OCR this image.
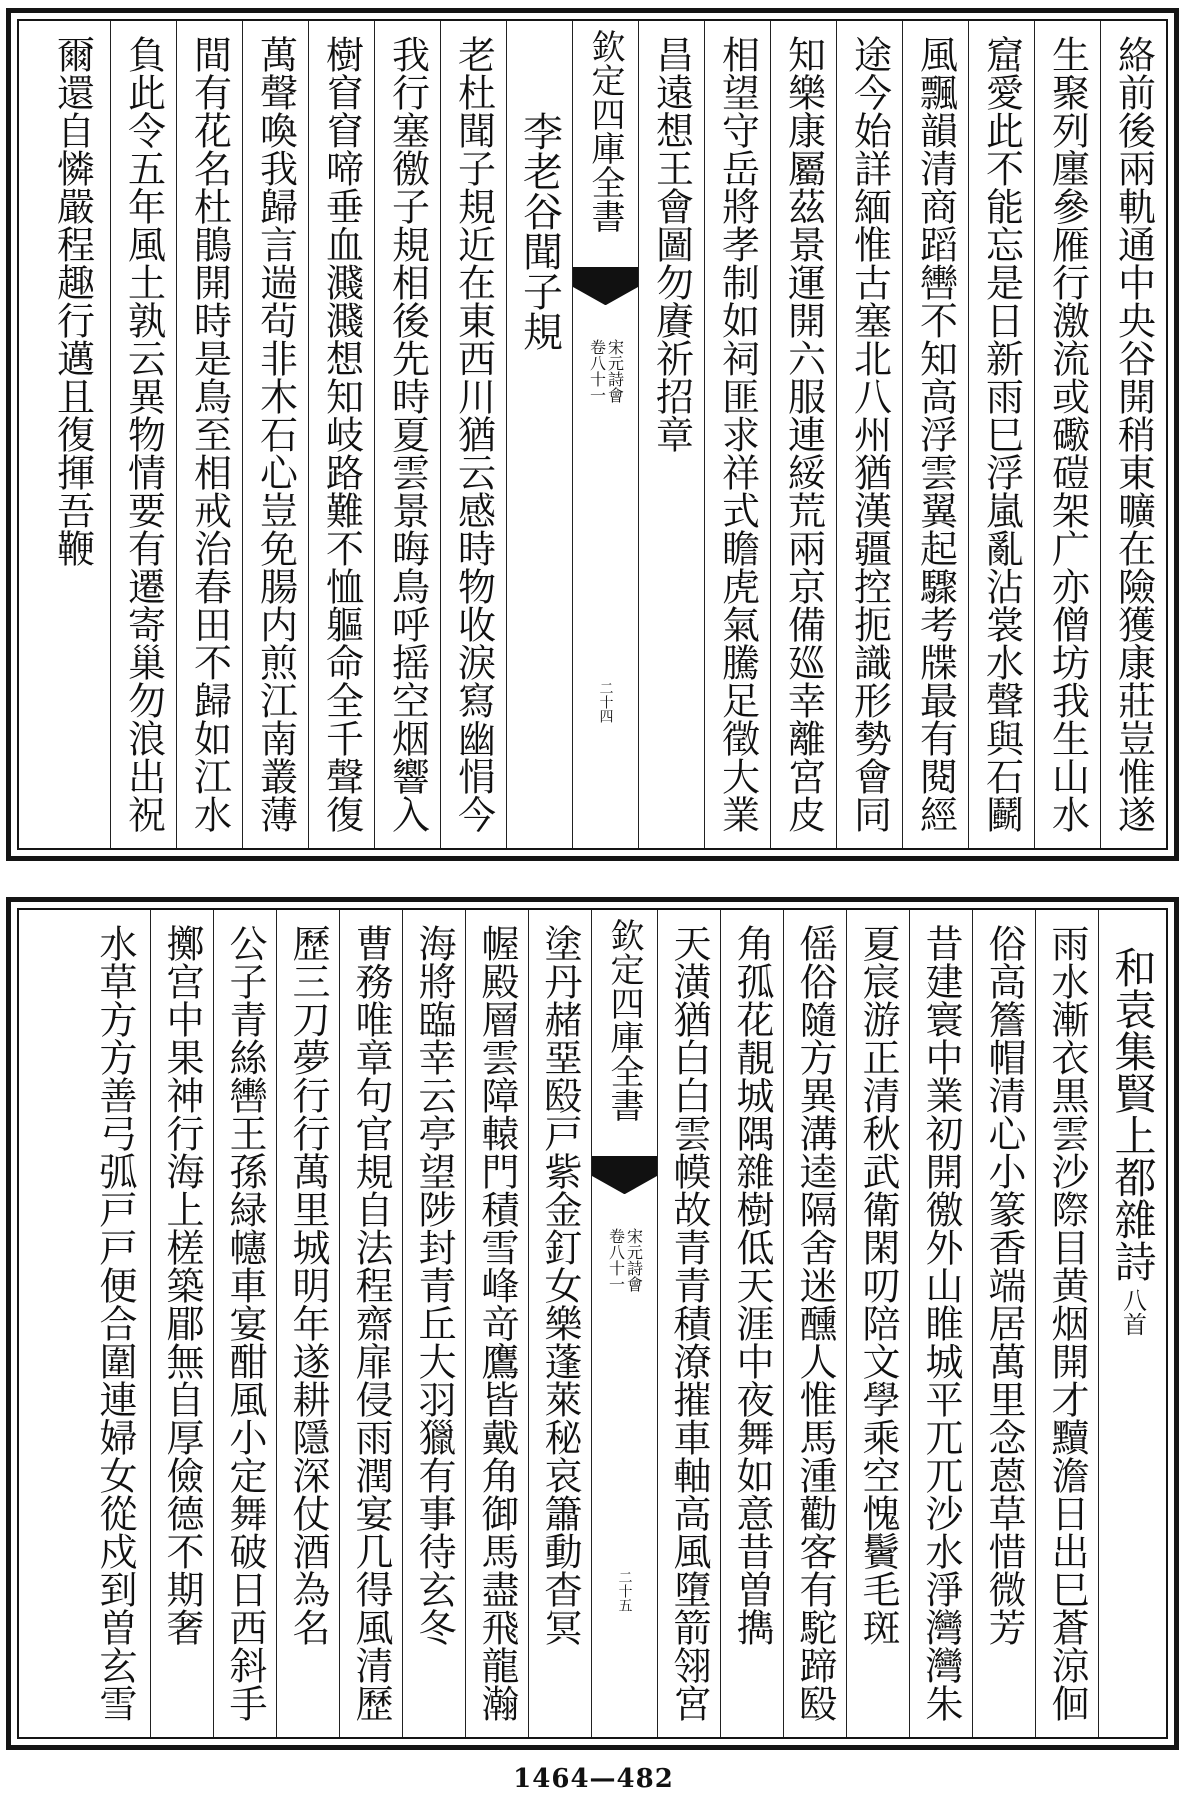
絡前後兩軌通中央谷開稍東曠在險獲康莊豈惟遂
生聚列廛參雁行激流或礮磑架广亦僧坊我生山水
窟愛此不能忘是日新雨巳浮嵐亂沾裳水聲與石鬬
風飄韻清商蹈轡不知高浮雲翼起驟考牒最有閱經
途今始詳緬惟古塞北八州猶漢疆控扼識形勢會同
知樂康屬茲景運開六服連綏荒兩京備廵幸離宮皮
相望守岳將孝制如祠匪求祥式瞻虎氣騰足徵大業
昌遠想王會圖勿賡祈招章
欽定四庫全書
宋元詩會
卷八十一
二十四
李老谷聞子規
老杜聞子規近在東西川猶云感時物收淚寫幽悁今
我行塞徼子規相後先時夏雲景晦鳥呼摇空烟響入
樹窅窅啼垂血濺濺想知岐路難不恤軀命全千聲復
萬聲喚我歸言遄茍非木石心豈免腸内煎江南叢薄
間有花名杜鵑開時是鳥至相戒治春田不歸如江水
負此令五年風土孰云異物情要有遷寄巢勿浪出祝
爾還自憐嚴程趣行邁且復揮吾鞭
和袁集賢上都雜詩
八首
雨水漸衣黒雲沙際目黄烟開才黷澹日出巳蒼涼佪
俗高簷帽清心小篆香端居萬里念蒽草惜微芳
昔建寰中業初開徼外山睢城平兀兀沙水淨灣灣朱
夏宸游正清秋武衛閑叨陪文學乘空愧鬢毛斑
傜俗隨方異溝逵隔舍迷醺人惟馬湩勸客有駝蹄殹
角孤花靚城隅雜樹低天涯中夜舞如意昔曽擕
天潢猶白白雲幙故青青積潦摧車軸高風墮箭翎宮
欽定四庫全書
宋元詩會
卷八十一
二十五
塗丹赭堊殹戸紫金釘女樂蓬萊秘哀簫動杳冥
幄殿層雲障轅門積雪峰竒鷹皆戴角御馬盡飛龍瀚
海將臨幸云亭望陟封青丘大羽獵有事待玄冬
曹務唯章句官規自法程齋扉侵雨潤宴几得風清歷
歷三刀夢行行萬里城明年遂耕隱深仗酒為名
公子青絲轡王孫緑幰車宴酣風小定舞破日西斜手
擲宫中果神行海上槎築郿無自厚儉德不期奢
水草方方善弓弧戸戸便合圍連婦女從戍到曽玄雪
1464—482
